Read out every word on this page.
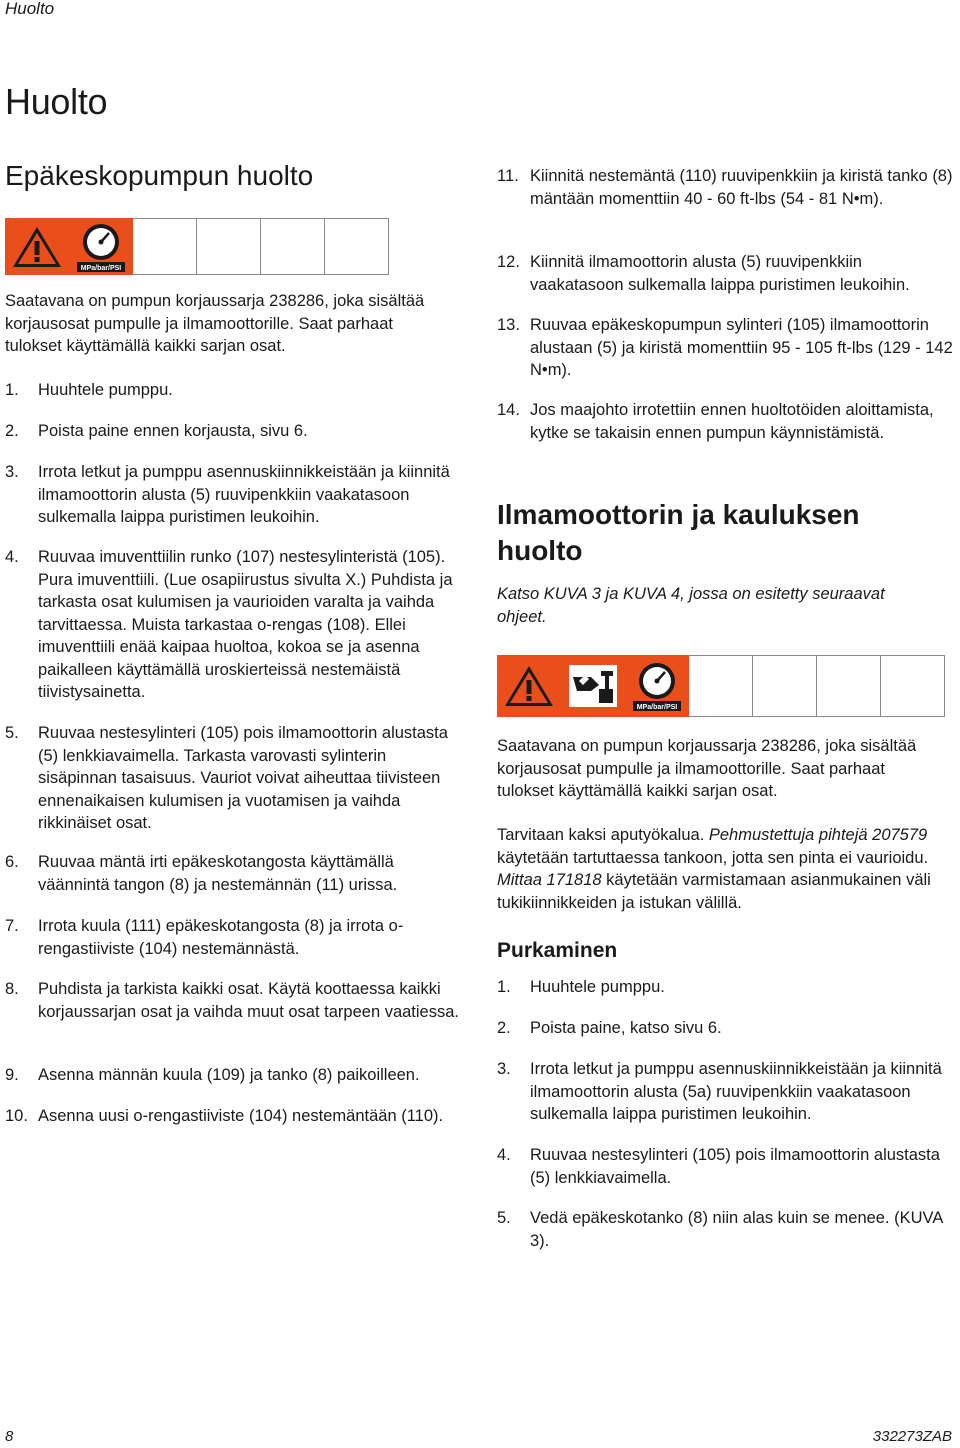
Huolto
Huolto
Epäkeskopumpun huolto
MPa/bar/PSI

Saatavana on pumpun korjaussarja 238286, joka sisältää korjausosat pumpulle ja ilmamoottorille. Saat parhaat tulokset käyttämällä kaikki sarjan osat.

1.	Huuhtele pumppu.
2.	Poista paine ennen korjausta, sivu 6.
3.	Irrota letkut ja pumppu asennuskiinnikkeistään ja kiinnitä ilmamoottorin alusta (5) ruuvipenkkiin vaakatasoon sulkemalla laippa puristimen leukoihin.
4.	Ruuvaa imuventtiilin runko (107) nestesylinteristä (105). Pura imuventtiili. (Lue osapiirustus sivulta X.) Puhdista ja tarkasta osat kulumisen ja vaurioiden varalta ja vaihda tarvittaessa. Muista tarkastaa o-rengas (108). Ellei imuventtiili enää kaipaa huoltoa, kokoa se ja asenna paikalleen käyttämällä uroskierteissä nestemäistä tiivistysainetta.
5.	Ruuvaa nestesylinteri (105) pois ilmamoottorin alustasta (5) lenkkiavaimella. Tarkasta varovasti sylinterin sisäpinnan tasaisuus. Vauriot voivat aiheuttaa tiivisteen ennenaikaisen kulumisen ja vuotamisen ja vaihda rikkinäiset osat.
6.	Ruuvaa mäntä irti epäkeskotangosta käyttämällä väännintä tangon (8) ja nestemännän (11) urissa.
7.	Irrota kuula (111) epäkeskotangosta (8) ja irrota o-rengastiiviste (104) nestemännästä.
8.	Puhdista ja tarkista kaikki osat. Käytä koottaessa kaikki korjaussarjan osat ja vaihda muut osat tarpeen vaatiessa.
9.	Asenna männän kuula (109) ja tanko (8) paikoilleen.
10. Asenna uusi o-rengastiiviste (104) nestemäntään (110).
11. Kiinnitä nestemäntä (110) ruuvipenkkiin ja kiristä tanko (8) mäntään momenttiin 40 - 60 ft-lbs (54 - 81 N•m).
12. Kiinnitä ilmamoottorin alusta (5) ruuvipenkkiin vaakatasoon sulkemalla laippa puristimen leukoihin.
13. Ruuvaa epäkeskopumpun sylinteri (105) ilmamoottorin alustaan (5) ja kiristä momenttiin 95 - 105 ft-lbs (129 - 142 N•m).
14. Jos maajohto irrotettiin ennen huoltotöiden aloittamista, kytke se takaisin ennen pumpun käynnistämistä.
Ilmamoottorin ja kauluksen huolto

Katso KUVA 3 ja KUVA 4, jossa on esitetty seuraavat ohjeet.

MPa/bar/PSI

Saatavana on pumpun korjaussarja 238286, joka sisältää korjausosat pumpulle ja ilmamoottorille. Saat parhaat tulokset käyttämällä kaikki sarjan osat.

Tarvitaan kaksi aputyökalua. Pehmustettuja pihtejä 207579 käytetään tartuttaessa tankoon, jotta sen pinta ei vaurioidu. Mittaa 171818 käytetään varmistamaan asianmukainen väli tukikiinnikkeiden ja istukan välillä.

Purkaminen
1.	Huuhtele pumppu.
2.	Poista paine, katso sivu 6.
3.	Irrota letkut ja pumppu asennuskiinnikkeistään ja kiinnitä ilmamoottorin alusta (5a) ruuvipenkkiin vaakatasoon sulkemalla laippa puristimen leukoihin.
4.	Ruuvaa nestesylinteri (105) pois ilmamoottorin alustasta (5) lenkkiavaimella.
5.	Vedä epäkeskotanko (8) niin alas kuin se menee. (KUVA 3).
8	332273ZAB
